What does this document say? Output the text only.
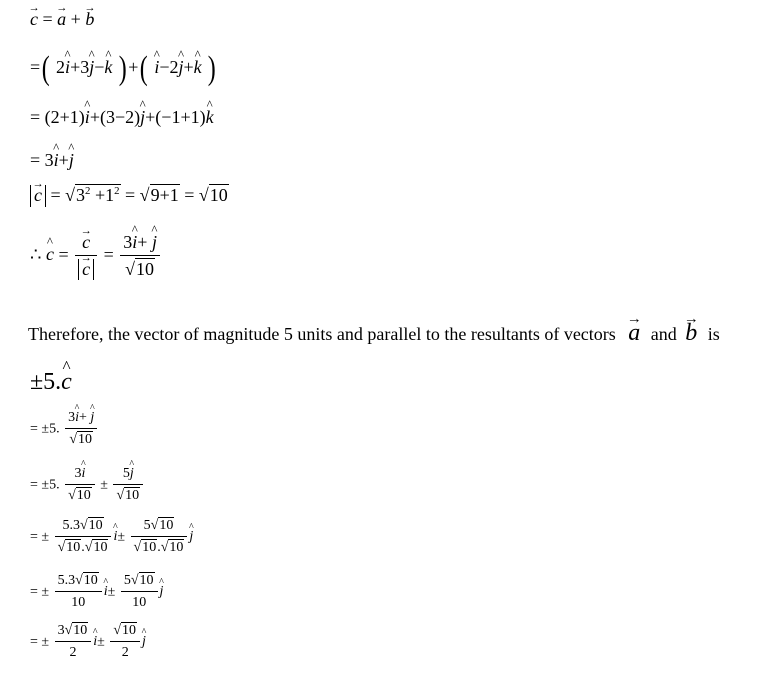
→ c = → a + → b
=( 2^ i+3^ j−^ k )+( ^ i−2^ j+^ k )
= (2+1)^ i+(3−2)^ j+(−1+1)^ k
= 3^ i+^ j
→ $c = √3^2 +1^2 = √9+1 = √10$
∴ ^ c = → c
→ $c = \frac{3\^{} i+ \^{} j}{√10}$
Therefore, the vector of magnitude 5 units and parallel to the resultants of vectors → a and → b is
±5.^ c
= ±5. $\frac{3\^{} i+ \^{} j}{√10}$
= ±5. $\frac{3\^{} i}{√10} \pm \frac{5\^{} j}{√10}$
= ± $\frac{5.3√10}{√10.√10}$ ^ $i\pm \frac{5√10}{√10.√10}$ ^ j
= ± $\frac{5.3√10}{10}$ ^ $i\pm \frac{5√10}{10}$ ^ j
= ± $\frac{3√10}{2}$ ^ $i\pm \frac{√10}{2}$ ^ j
